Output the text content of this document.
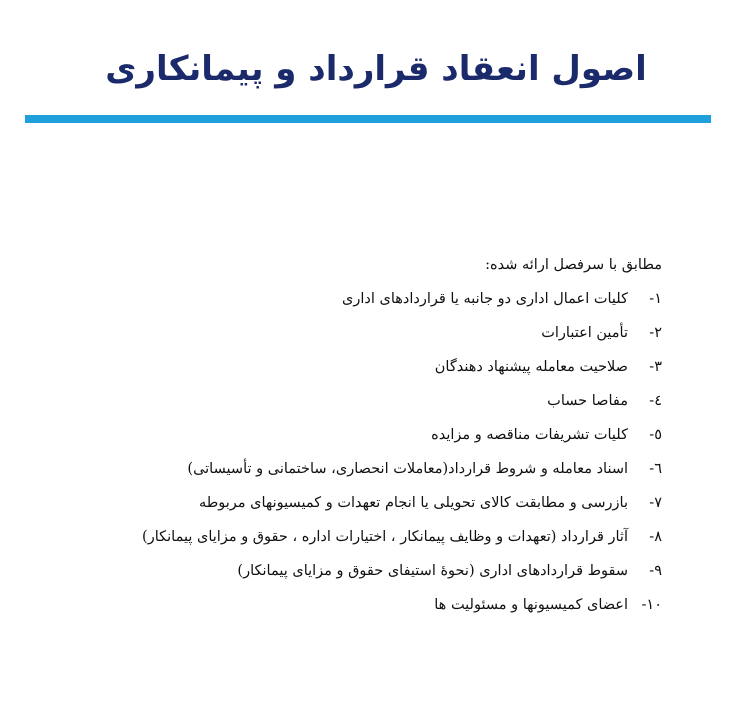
اصول انعقاد قرارداد و پیمانکاری
مطابق با سرفصل ارائه شده:
۱-
کلیات اعمال اداری دو جانبه یا قراردادهای اداری
۲-
تأمین اعتبارات
۳-
صلاحیت معامله پیشنهاد دهندگان
٤-
مفاصا حساب
٥-
کلیات تشریفات مناقصه و مزایده
٦-
اسناد معامله و شروط قرارداد(معاملات انحصاری، ساختمانی و تأسیساتی)
۷-
بازرسی و مطابقت کالای تحویلی یا انجام تعهدات و کمیسیونهای مربوطه
۸-
آثار قرارداد (تعهدات و وظایف پیمانکار ، اختیارات اداره ، حقوق و مزایای پیمانکار)
۹-
سقوط قراردادهای اداری (نحوهٔ استیفای حقوق و مزایای پیمانکار)
۱۰-
اعضای کمیسیونها و مسئولیت ها
